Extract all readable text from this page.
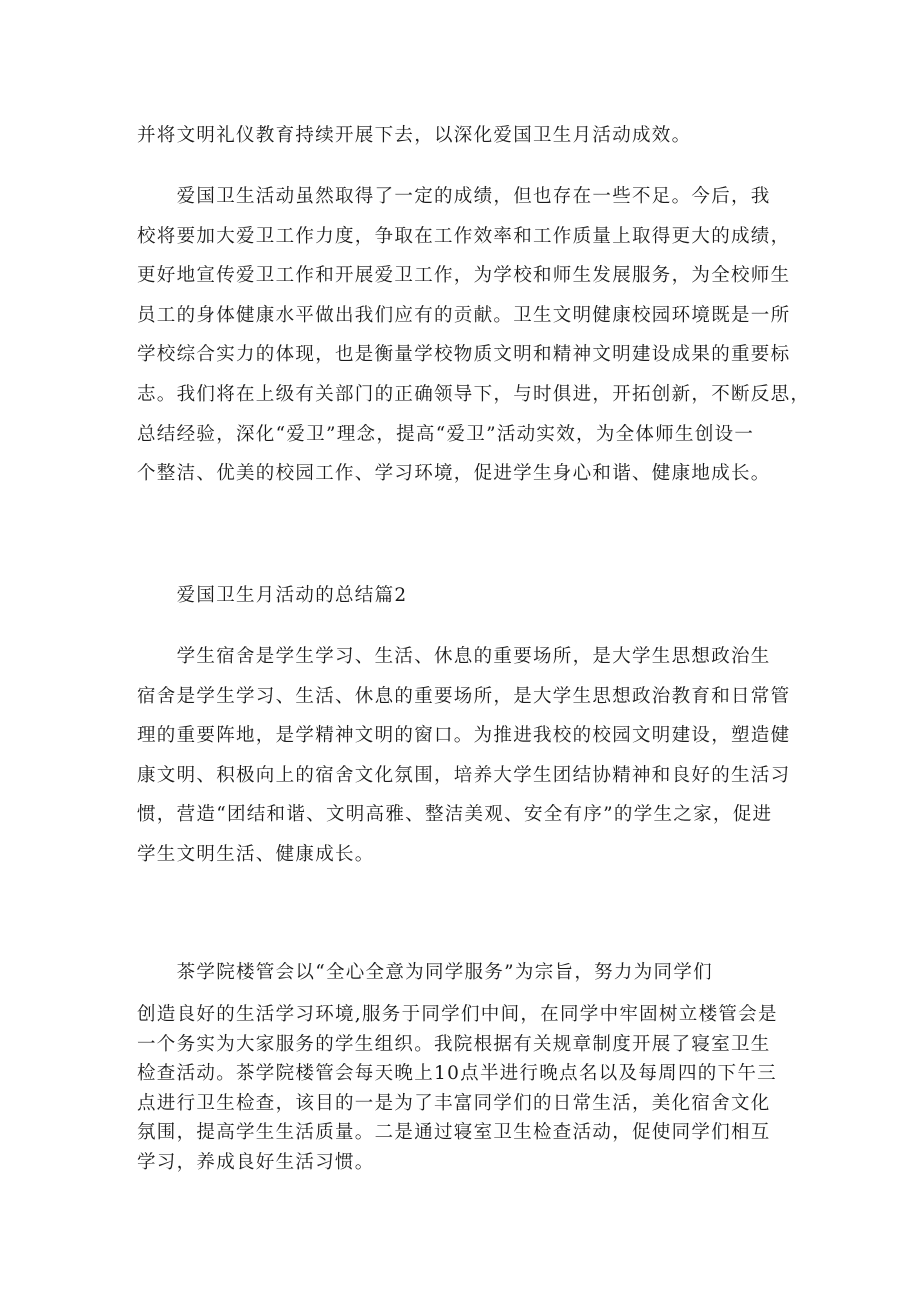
并将文明礼仪教育持续开展下去，以深化爱国卫生月活动成效。

　　爱国卫生活动虽然取得了一定的成绩，但也存在一些不足。今后，我
校将要加大爱卫工作力度，争取在工作效率和工作质量上取得更大的成绩，
更好地宣传爱卫工作和开展爱卫工作，为学校和师生发展服务，为全校师生
员工的身体健康水平做出我们应有的贡献。卫生文明健康校园环境既是一所
学校综合实力的体现，也是衡量学校物质文明和精神文明建设成果的重要标
志。我们将在上级有关部门的正确领导下，与时俱进，开拓创新，不断反思，
总结经验，深化“爱卫”理念，提高“爱卫”活动实效，为全体师生创设一
个整洁、优美的校园工作、学习环境，促进学生身心和谐、健康地成长。

　　爱国卫生月活动的总结篇2

　　学生宿舍是学生学习、生活、休息的重要场所，是大学生思想政治生
宿舍是学生学习、生活、休息的重要场所，是大学生思想政治教育和日常管
理的重要阵地，是学精神文明的窗口。为推进我校的校园文明建设，塑造健
康文明、积极向上的宿舍文化氛围，培养大学生团结协精神和良好的生活习
惯，营造“团结和谐、文明高雅、整洁美观、安全有序”的学生之家，促进
学生文明生活、健康成长。

　　茶学院楼管会以“全心全意为同学服务”为宗旨，努力为同学们

创造良好的生活学习环境,服务于同学们中间，在同学中牢固树立楼管会是
一个务实为大家服务的学生组织。我院根据有关规章制度开展了寝室卫生
检查活动。茶学院楼管会每天晚上10点半进行晚点名以及每周四的下午三
点进行卫生检查，该目的一是为了丰富同学们的日常生活，美化宿舍文化
氛围，提高学生生活质量。二是通过寝室卫生检查活动，促使同学们相互
学习，养成良好生活习惯。
